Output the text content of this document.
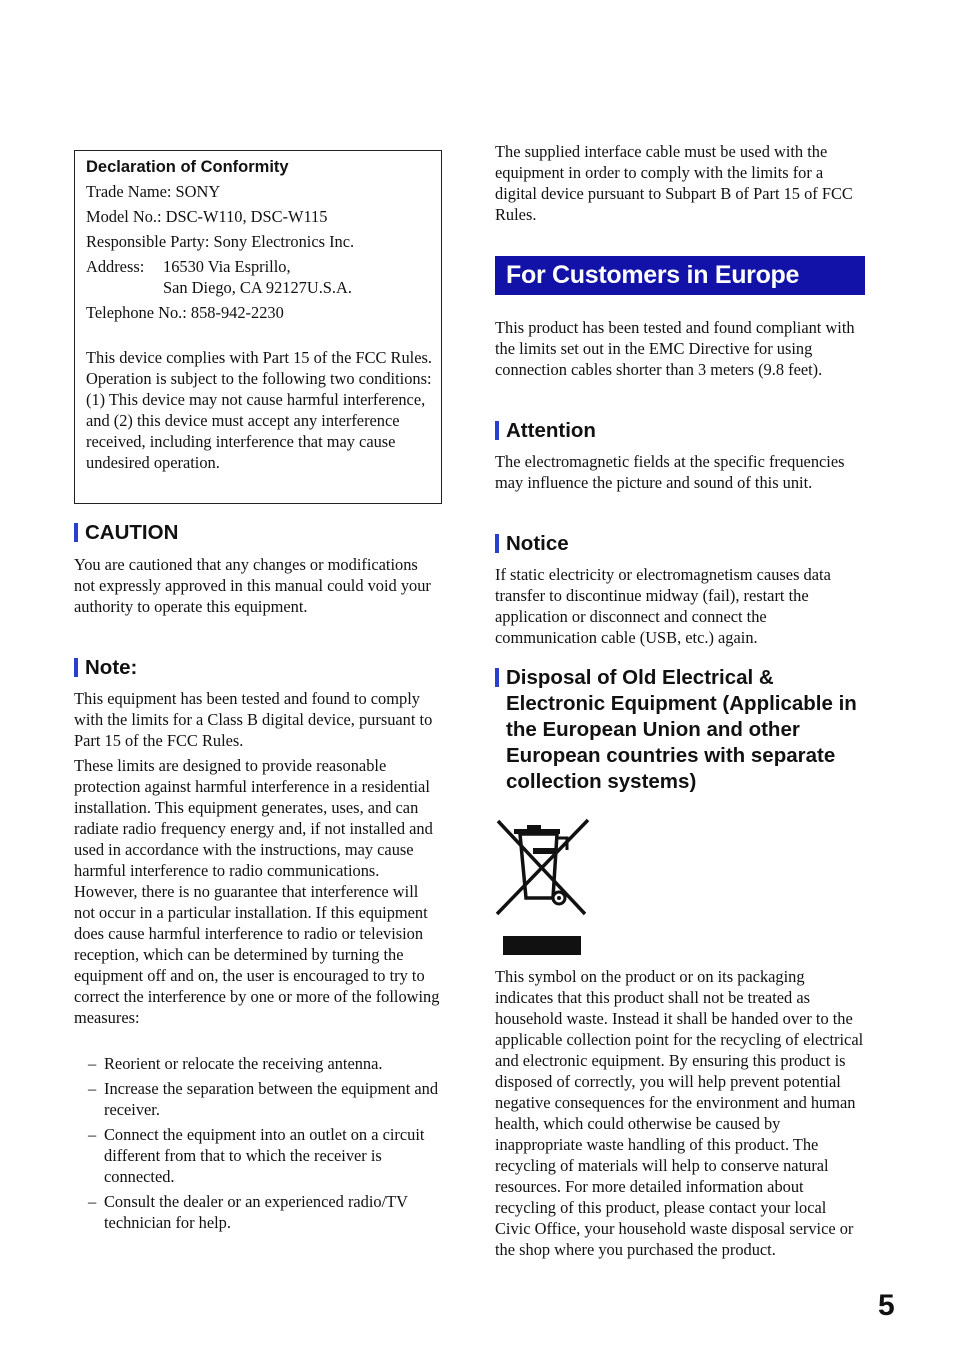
Declaration of Conformity

Trade Name: SONY

Model No.: DSC-W110, DSC-W115

Responsible Party: Sony Electronics Inc.

Address:	16530 Via Esprillo,

San Diego, CA 92127U.S.A.

Telephone No.: 858-942-2230

This device complies with Part 15 of the FCC Rules. Operation is subject to the following two conditions: (1) This device may not cause harmful interference, and (2) this device must accept any interference received, including interference that may cause undesired operation.

CAUTION

You are cautioned that any changes or modifications not expressly approved in this manual could void your authority to operate this equipment.

Note:

This equipment has been tested and found to comply with the limits for a Class B digital device, pursuant to Part 15 of the FCC Rules.

These limits are designed to provide reasonable protection against harmful interference in a residential installation. This equipment generates, uses, and can radiate radio frequency energy and, if not installed and used in accordance with the instructions, may cause harmful interference to radio communications. However, there is no guarantee that interference will not occur in a particular installation. If this equipment does cause harmful interference to radio or television reception, which can be determined by turning the equipment off and on, the user is encouraged to try to correct the interference by one or more of the following measures:

– Reorient or relocate the receiving antenna.
– Increase the separation between the equipment and receiver.
– Connect the equipment into an outlet on a circuit different from that to which the receiver is connected.
– Consult the dealer or an experienced radio/TV technician for help.

The supplied interface cable must be used with the equipment in order to comply with the limits for a digital device pursuant to Subpart B of Part 15 of FCC Rules.

For Customers in Europe

This product has been tested and found compliant with the limits set out in the EMC Directive for using connection cables shorter than 3 meters (9.8 feet).

Attention

The electromagnetic fields at the specific frequencies may influence the picture and sound of this unit.

Notice

If static electricity or electromagnetism causes data transfer to discontinue midway (fail), restart the application or disconnect and connect the communication cable (USB, etc.) again.

Disposal of Old Electrical & Electronic Equipment (Applicable in the European Union and other European countries with separate collection systems)

This symbol on the product or on its packaging indicates that this product shall not be treated as household waste. Instead it shall be handed over to the applicable collection point for the recycling of electrical and electronic equipment. By ensuring this product is disposed of correctly, you will help prevent potential negative consequences for the environment and human health, which could otherwise be caused by inappropriate waste handling of this product. The recycling of materials will help to conserve natural resources. For more detailed information about recycling of this product, please contact your local Civic Office, your household waste disposal service or the shop where you purchased the product.

5
